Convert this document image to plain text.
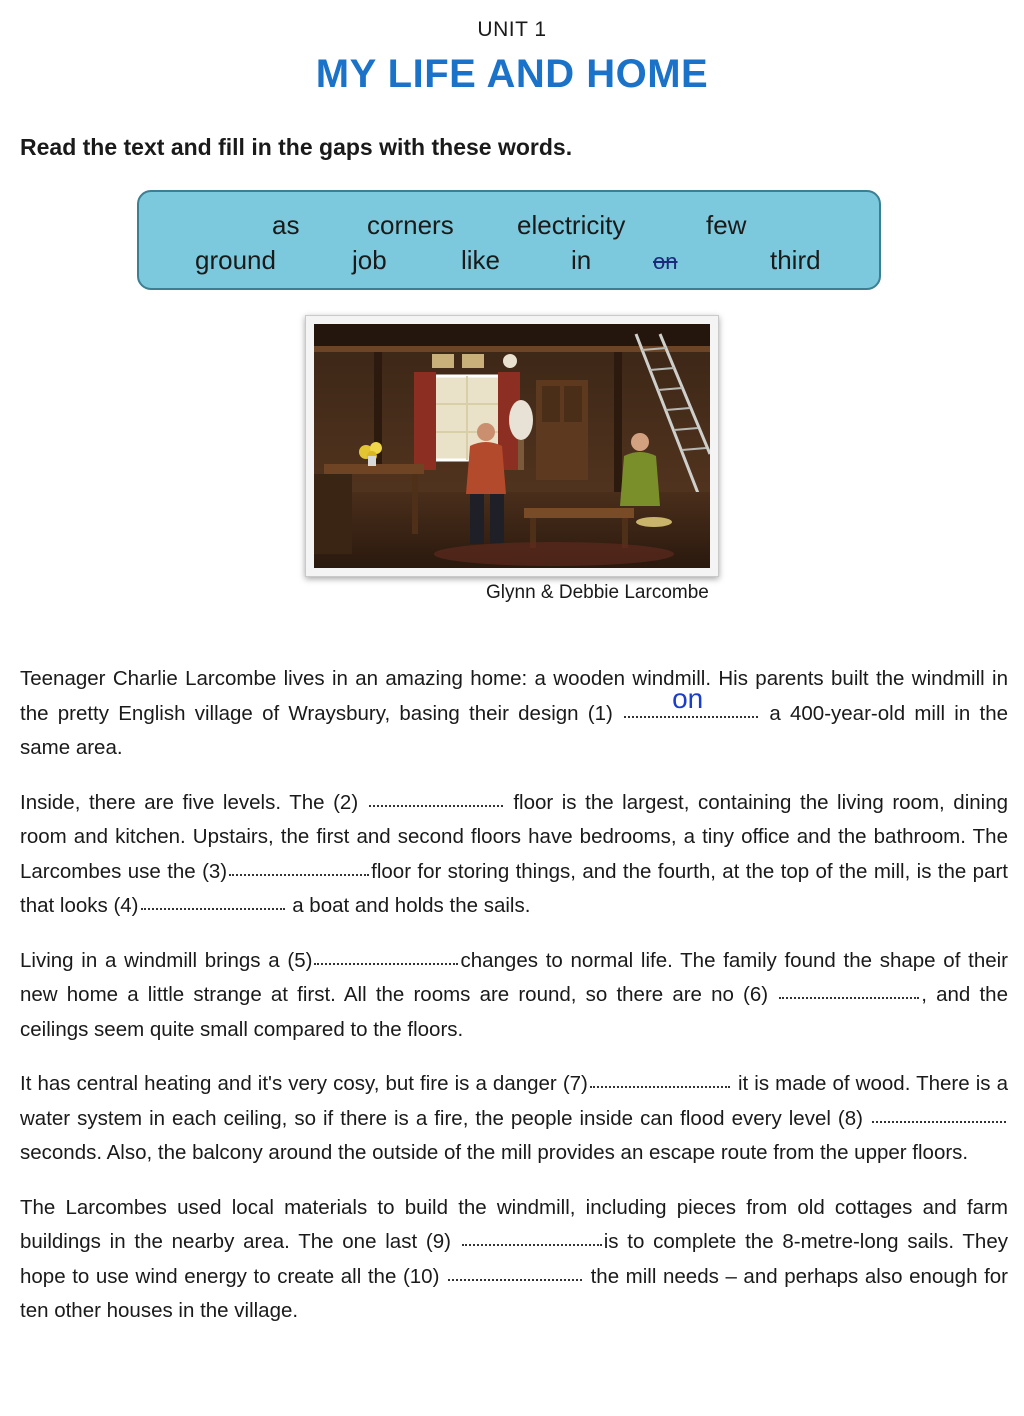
UNIT 1
MY LIFE AND HOME
Read the text and fill in the gaps with these words.
as	corners electricity	few
ground	job	like	in	on	third
Glynn & Debbie Larcombe

Teenager Charlie Larcombe lives in an amazing home: a wooden windmill. His parents built the windmill in the pretty English village of Wraysbury, basing their design (1) on	a 400-year-old mill in the same area.

Inside, there are five levels. The (2)	floor is the largest, containing the living room, dining room and kitchen. Upstairs, the first and second floors have bedrooms, a tiny office and the bathroom. The Larcombes use the (3)	floor for storing things, and the fourth, at the top of the mill, is the part that looks (4)	a boat and holds the sails.

Living in a windmill brings a (5)	changes to normal life. The family found the shape of their new home a little strange at first. All the rooms are round, so there are no (6)	, and the ceilings seem quite small compared to the floors.

It has central heating and it's very cosy, but fire is a danger (7)	it is made of wood. There is a water system in each ceiling, so if there is a fire, the people inside can flood every level (8)  seconds. Also, the balcony around the outside of the mill provides an escape route from the upper floors.

The Larcombes used local materials to build the windmill, including pieces from old cottages and farm buildings in the nearby area. The one last (9)	is to complete the 8-metre-long sails. They hope to use wind energy to create all the (10)	the mill needs – and perhaps also enough for ten other houses in the village.
